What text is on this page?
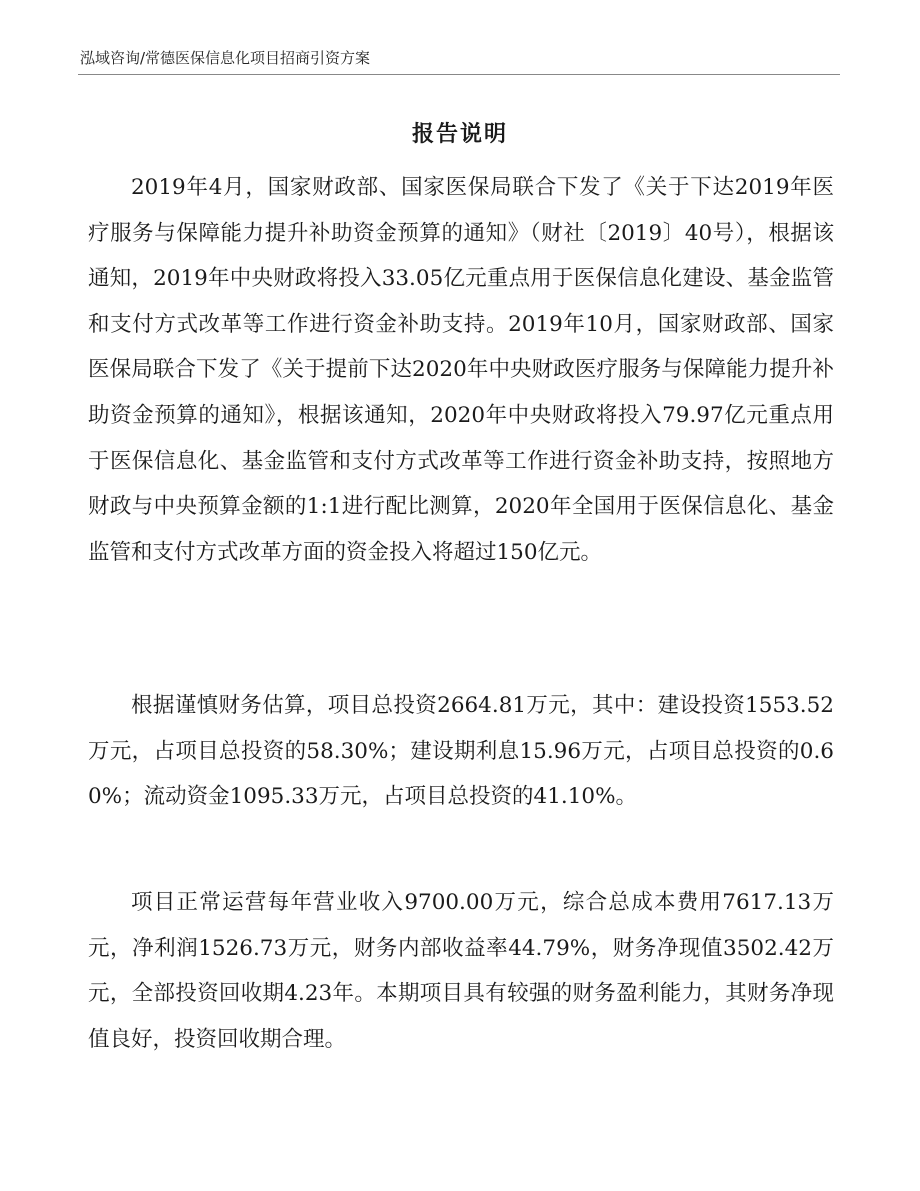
泓域咨询/常德医保信息化项目招商引资方案
报告说明

2019年4月，国家财政部、国家医保局联合下发了《关于下达2019年医疗服务与保障能力提升补助资金预算的通知》（财社〔2019〕40号），根据该通知，2019年中央财政将投入33.05亿元重点用于医保信息化建设、基金监管和支付方式改革等工作进行资金补助支持。2019年10月，国家财政部、国家医保局联合下发了《关于提前下达2020年中央财政医疗服务与保障能力提升补助资金预算的通知》，根据该通知，2020年中央财政将投入79.97亿元重点用于医保信息化、基金监管和支付方式改革等工作进行资金补助支持，按照地方财政与中央预算金额的1:1进行配比测算，2020年全国用于医保信息化、基金监管和支付方式改革方面的资金投入将超过150亿元。

根据谨慎财务估算，项目总投资2664.81万元，其中：建设投资1553.52万元，占项目总投资的58.30%；建设期利息15.96万元，占项目总投资的0.60%；流动资金1095.33万元，占项目总投资的41.10%。

项目正常运营每年营业收入9700.00万元，综合总成本费用7617.13万元，净利润1526.73万元，财务内部收益率44.79%，财务净现值3502.42万元，全部投资回收期4.23年。本期项目具有较强的财务盈利能力，其财务净现值良好，投资回收期合理。
